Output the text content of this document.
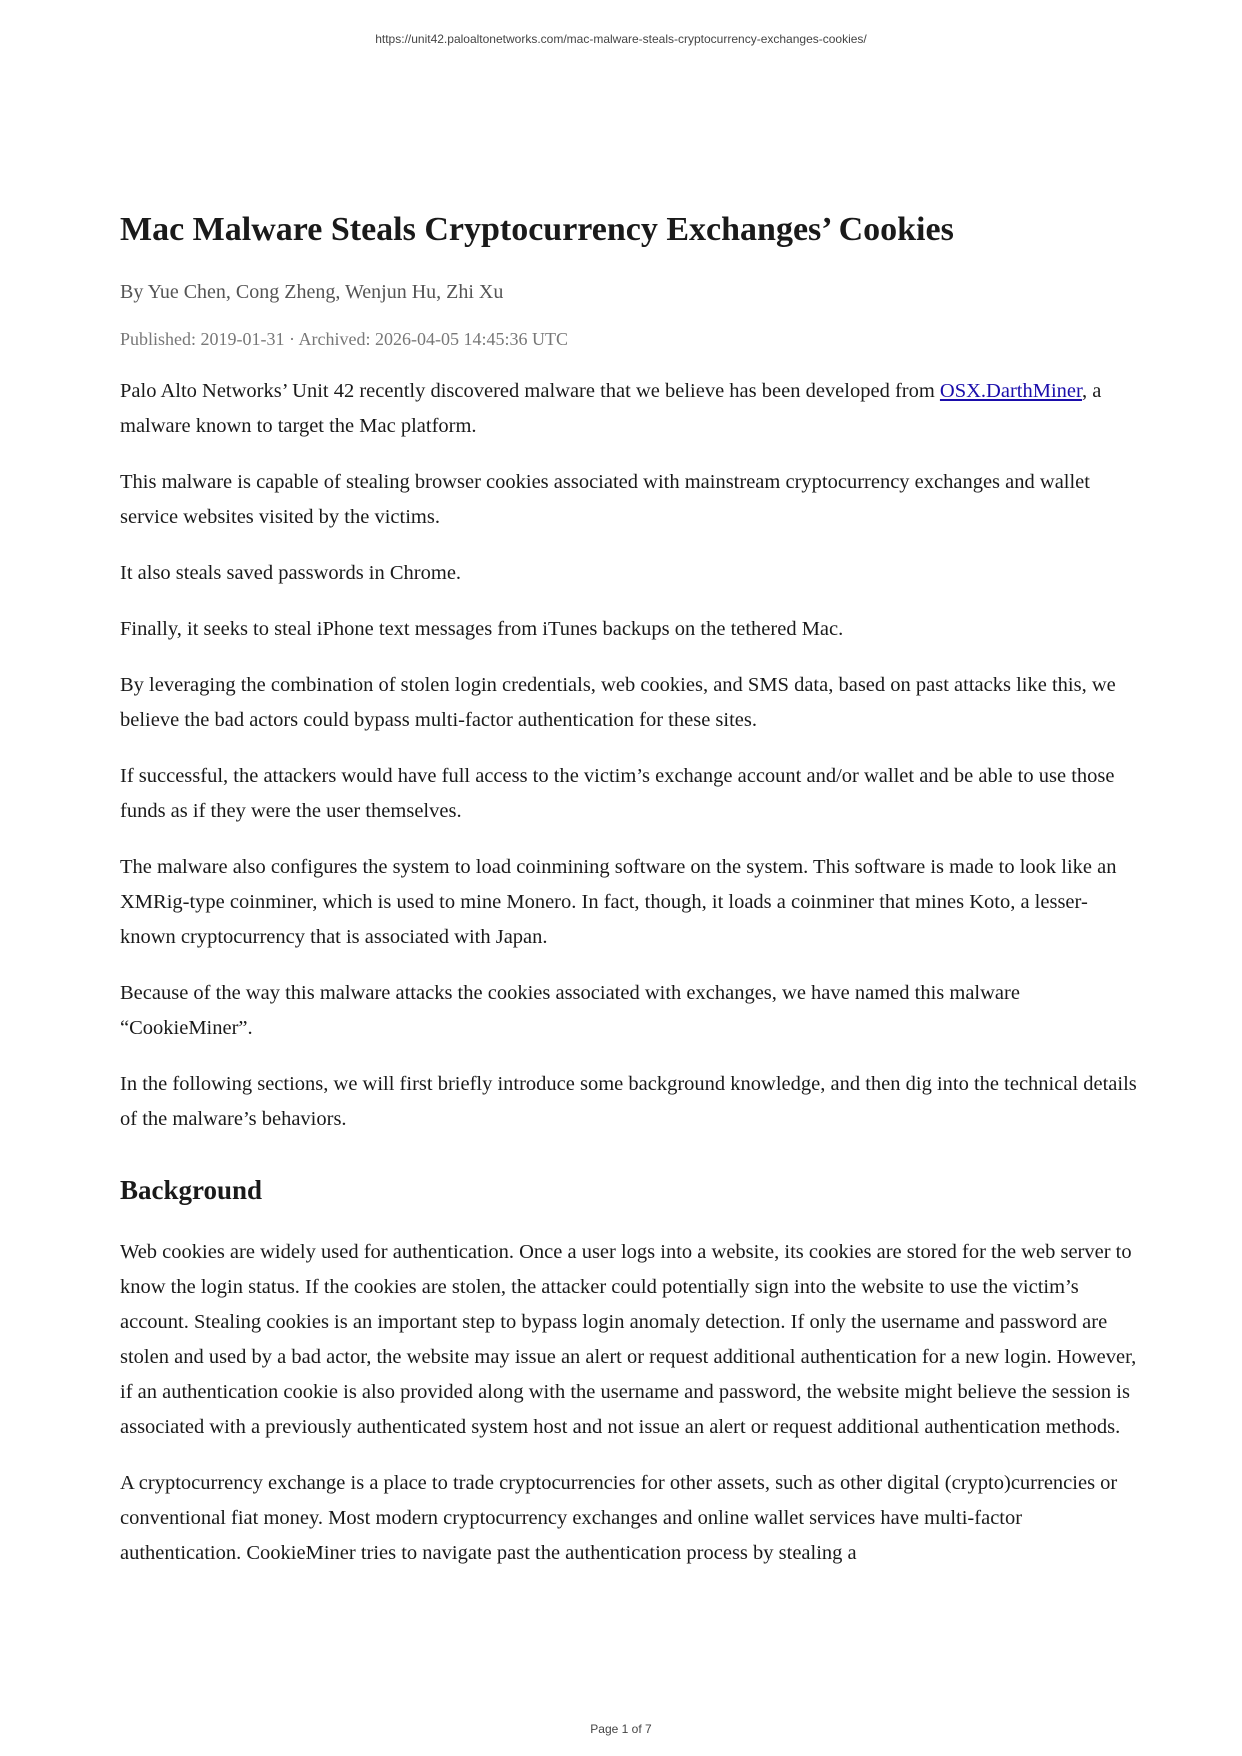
https://unit42.paloaltonetworks.com/mac-malware-steals-cryptocurrency-exchanges-cookies/
Mac Malware Steals Cryptocurrency Exchanges’ Cookies
By Yue Chen, Cong Zheng, Wenjun Hu, Zhi Xu
Published: 2019-01-31 · Archived: 2026-04-05 14:45:36 UTC

Palo Alto Networks’ Unit 42 recently discovered malware that we believe has been developed from OSX.DarthMiner, a malware known to target the Mac platform.

This malware is capable of stealing browser cookies associated with mainstream cryptocurrency exchanges and wallet service websites visited by the victims.

It also steals saved passwords in Chrome.

Finally, it seeks to steal iPhone text messages from iTunes backups on the tethered Mac.

By leveraging the combination of stolen login credentials, web cookies, and SMS data, based on past attacks like this, we believe the bad actors could bypass multi-factor authentication for these sites.

If successful, the attackers would have full access to the victim’s exchange account and/or wallet and be able to use those funds as if they were the user themselves.

The malware also configures the system to load coinmining software on the system. This software is made to look like an XMRig-type coinminer, which is used to mine Monero. In fact, though, it loads a coinminer that mines Koto, a lesser-known cryptocurrency that is associated with Japan.

Because of the way this malware attacks the cookies associated with exchanges, we have named this malware “CookieMiner”.

In the following sections, we will first briefly introduce some background knowledge, and then dig into the technical details of the malware’s behaviors.

Background

Web cookies are widely used for authentication. Once a user logs into a website, its cookies are stored for the web server to know the login status. If the cookies are stolen, the attacker could potentially sign into the website to use the victim’s account. Stealing cookies is an important step to bypass login anomaly detection. If only the username and password are stolen and used by a bad actor, the website may issue an alert or request additional authentication for a new login. However, if an authentication cookie is also provided along with the username and password, the website might believe the session is associated with a previously authenticated system host and not issue an alert or request additional authentication methods.

A cryptocurrency exchange is a place to trade cryptocurrencies for other assets, such as other digital (crypto)currencies or conventional fiat money. Most modern cryptocurrency exchanges and online wallet services have multi-factor authentication. CookieMiner tries to navigate past the authentication process by stealing a

Page 1 of 7
